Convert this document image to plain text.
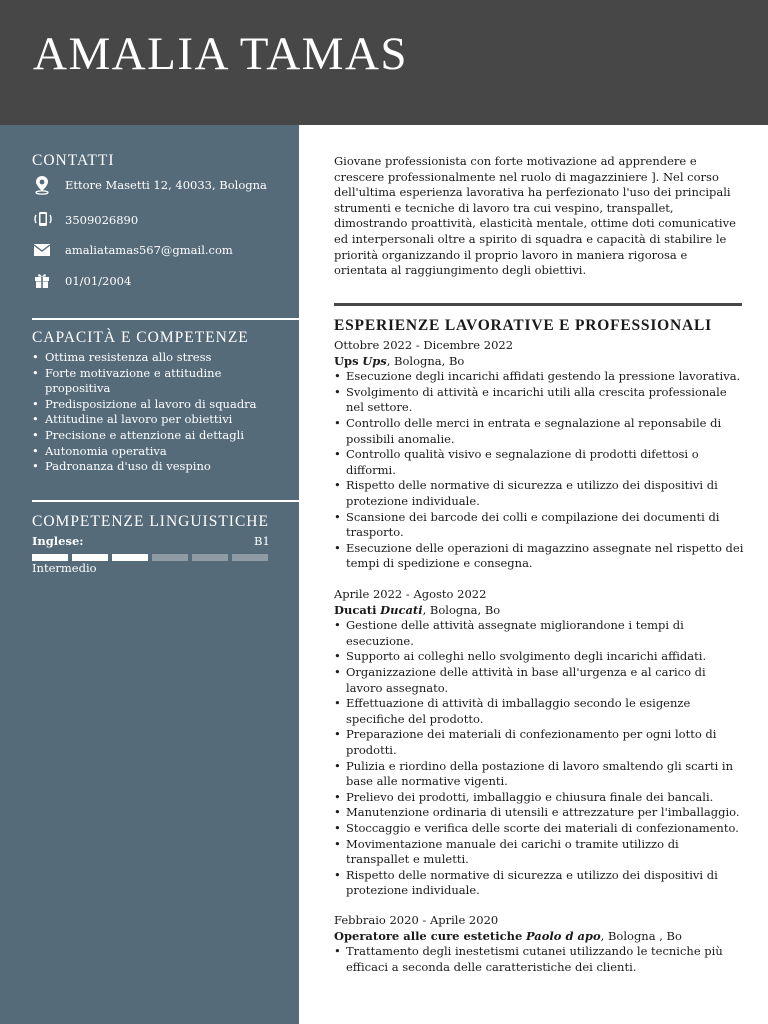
AMALIA TAMAS
CONTATTI
Ettore Masetti 12, 40033, Bologna
3509026890
amaliatamas567@gmail.com
01/01/2004
CAPACITÀ E COMPETENZE
• Ottima resistenza allo stress
• Forte motivazione e attitudine propositiva
• Predisposizione al lavoro di squadra
• Attitudine al lavoro per obiettivi
• Precisione e attenzione ai dettagli
• Autonomia operativa
• Padronanza d'uso di vespino
COMPETENZE LINGUISTICHE
Inglese:	B1
Intermedio

Giovane professionista con forte motivazione ad apprendere e crescere professionalmente nel ruolo di magazziniere ]. Nel corso dell'ultima esperienza lavorativa ha perfezionato l'uso dei principali strumenti e tecniche di lavoro tra cui vespino, transpallet, dimostrando proattività, elasticità mentale, ottime doti comunicative ed interpersonali oltre a spirito di squadra e capacità di stabilire le priorità organizzando il proprio lavoro in maniera rigorosa e orientata al raggiungimento degli obiettivi.

ESPERIENZE LAVORATIVE E PROFESSIONALI
Ottobre 2022 - Dicembre 2022
Ups Ups, Bologna, Bo
• Esecuzione degli incarichi affidati gestendo la pressione lavorativa.
• Svolgimento di attività e incarichi utili alla crescita professionale nel settore.
• Controllo delle merci in entrata e segnalazione al reponsabile di possibili anomalie.
• Controllo qualità visivo e segnalazione di prodotti difettosi o difformi.
• Rispetto delle normative di sicurezza e utilizzo dei dispositivi di protezione individuale.
• Scansione dei barcode dei colli e compilazione dei documenti di trasporto.
• Esecuzione delle operazioni di magazzino assegnate nel rispetto dei tempi di spedizione e consegna.
Aprile 2022 - Agosto 2022
Ducati Ducati, Bologna, Bo
• Gestione delle attività assegnate migliorandone i tempi di esecuzione.
• Supporto ai colleghi nello svolgimento degli incarichi affidati.
• Organizzazione delle attività in base all'urgenza e al carico di lavoro assegnato.
• Effettuazione di attività di imballaggio secondo le esigenze specifiche del prodotto.
• Preparazione dei materiali di confezionamento per ogni lotto di prodotti.
• Pulizia e riordino della postazione di lavoro smaltendo gli scarti in base alle normative vigenti.
• Prelievo dei prodotti, imballaggio e chiusura finale dei bancali.
• Manutenzione ordinaria di utensili e attrezzature per l'imballaggio.
• Stoccaggio e verifica delle scorte dei materiali di confezionamento.
• Movimentazione manuale dei carichi o tramite utilizzo di transpallet e muletti.
• Rispetto delle normative di sicurezza e utilizzo dei dispositivi di protezione individuale.
Febbraio 2020 - Aprile 2020
Operatore alle cure estetiche Paolo d apo, Bologna , Bo
• Trattamento degli inestetismi cutanei utilizzando le tecniche più efficaci a seconda delle caratteristiche dei clienti.
